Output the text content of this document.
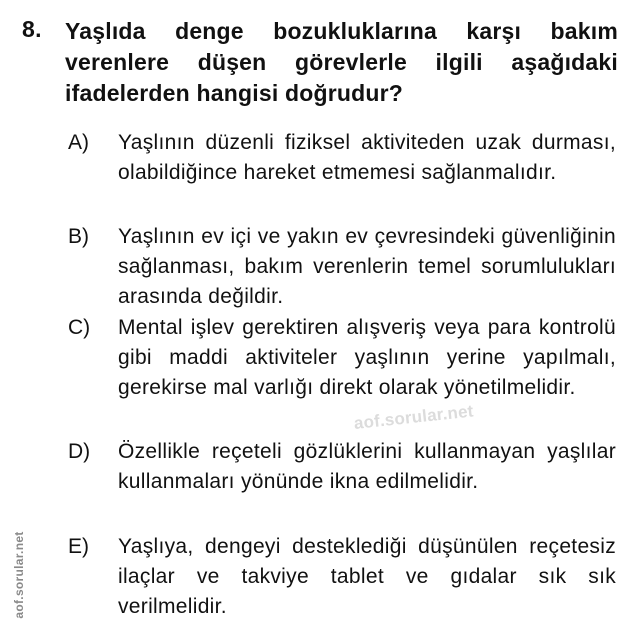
8. Yaşlıda denge bozukluklarına karşı bakım verenlere düşen görevlerle ilgili aşağıdaki ifadelerden hangisi doğrudur?
A) Yaşlının düzenli fiziksel aktiviteden uzak durması, olabildiğince hareket etmemesi sağlanmalıdır.
B) Yaşlının ev içi ve yakın ev çevresindeki güvenliğinin sağlanması, bakım verenlerin temel sorumlulukları arasında değildir.
C) Mental işlev gerektiren alışveriş veya para kontrolü gibi maddi aktiviteler yaşlının yerine yapılmalı, gerekirse mal varlığı direkt olarak yönetilmelidir.
D) Özellikle reçeteli gözlüklerini kullanmayan yaşlılar kullanmaları yönünde ikna edilmelidir.
E) Yaşlıya, dengeyi desteklediği düşünülen reçetesiz ilaçlar ve takviye tablet ve gıdalar sık sık verilmelidir.
aof.sorular.net
aof.sorular.net
